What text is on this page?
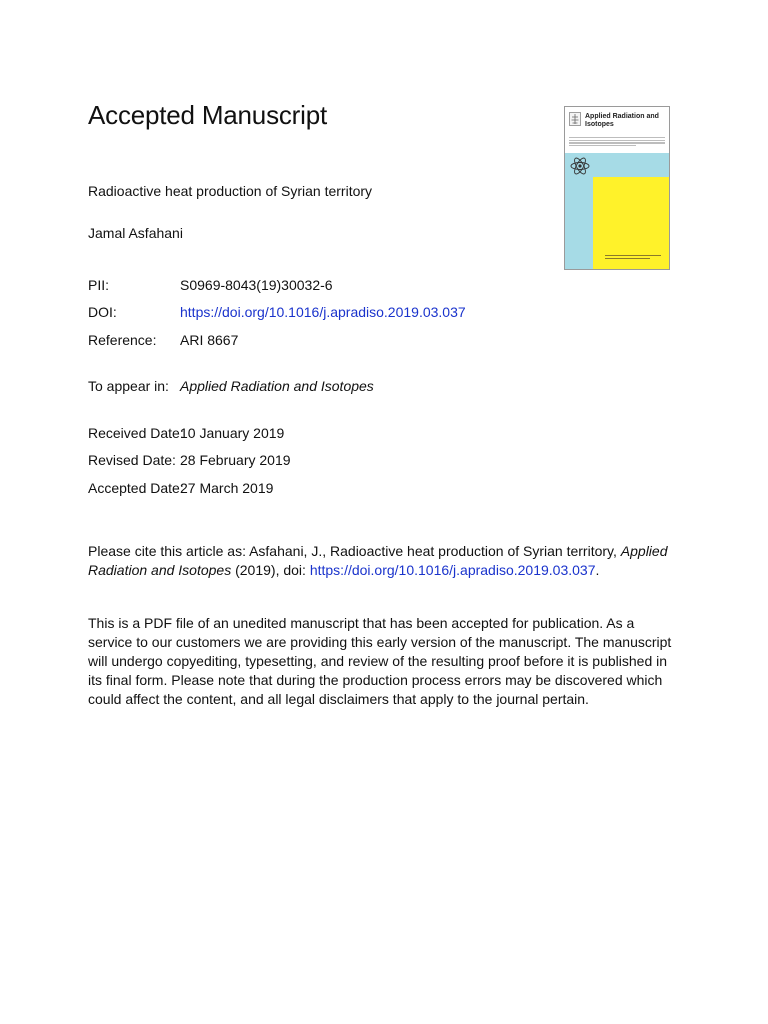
Accepted Manuscript
Radioactive heat production of Syrian territory
Jamal Asfahani
Applied Radiation and Isotopes
PII:	S0969-8043(19)30032-6
DOI:	https://doi.org/10.1016/j.apradiso.2019.03.037
Reference: ARI 8667
To appear in: Applied Radiation and Isotopes
Received Date:
10 January 2019
Revised Date: 28 February 2019
Accepted Date:
27 March 2019
Please cite this article as: Asfahani, J., Radioactive heat production of Syrian territory, Applied Radiation and Isotopes (2019), doi: https://doi.org/10.1016/j.apradiso.2019.03.037.
This is a PDF file of an unedited manuscript that has been accepted for publication. As a service to our customers we are providing this early version of the manuscript. The manuscript will undergo copyediting, typesetting, and review of the resulting proof before it is published in its final form. Please note that during the production process errors may be discovered which could affect the content, and all legal disclaimers that apply to the journal pertain.
